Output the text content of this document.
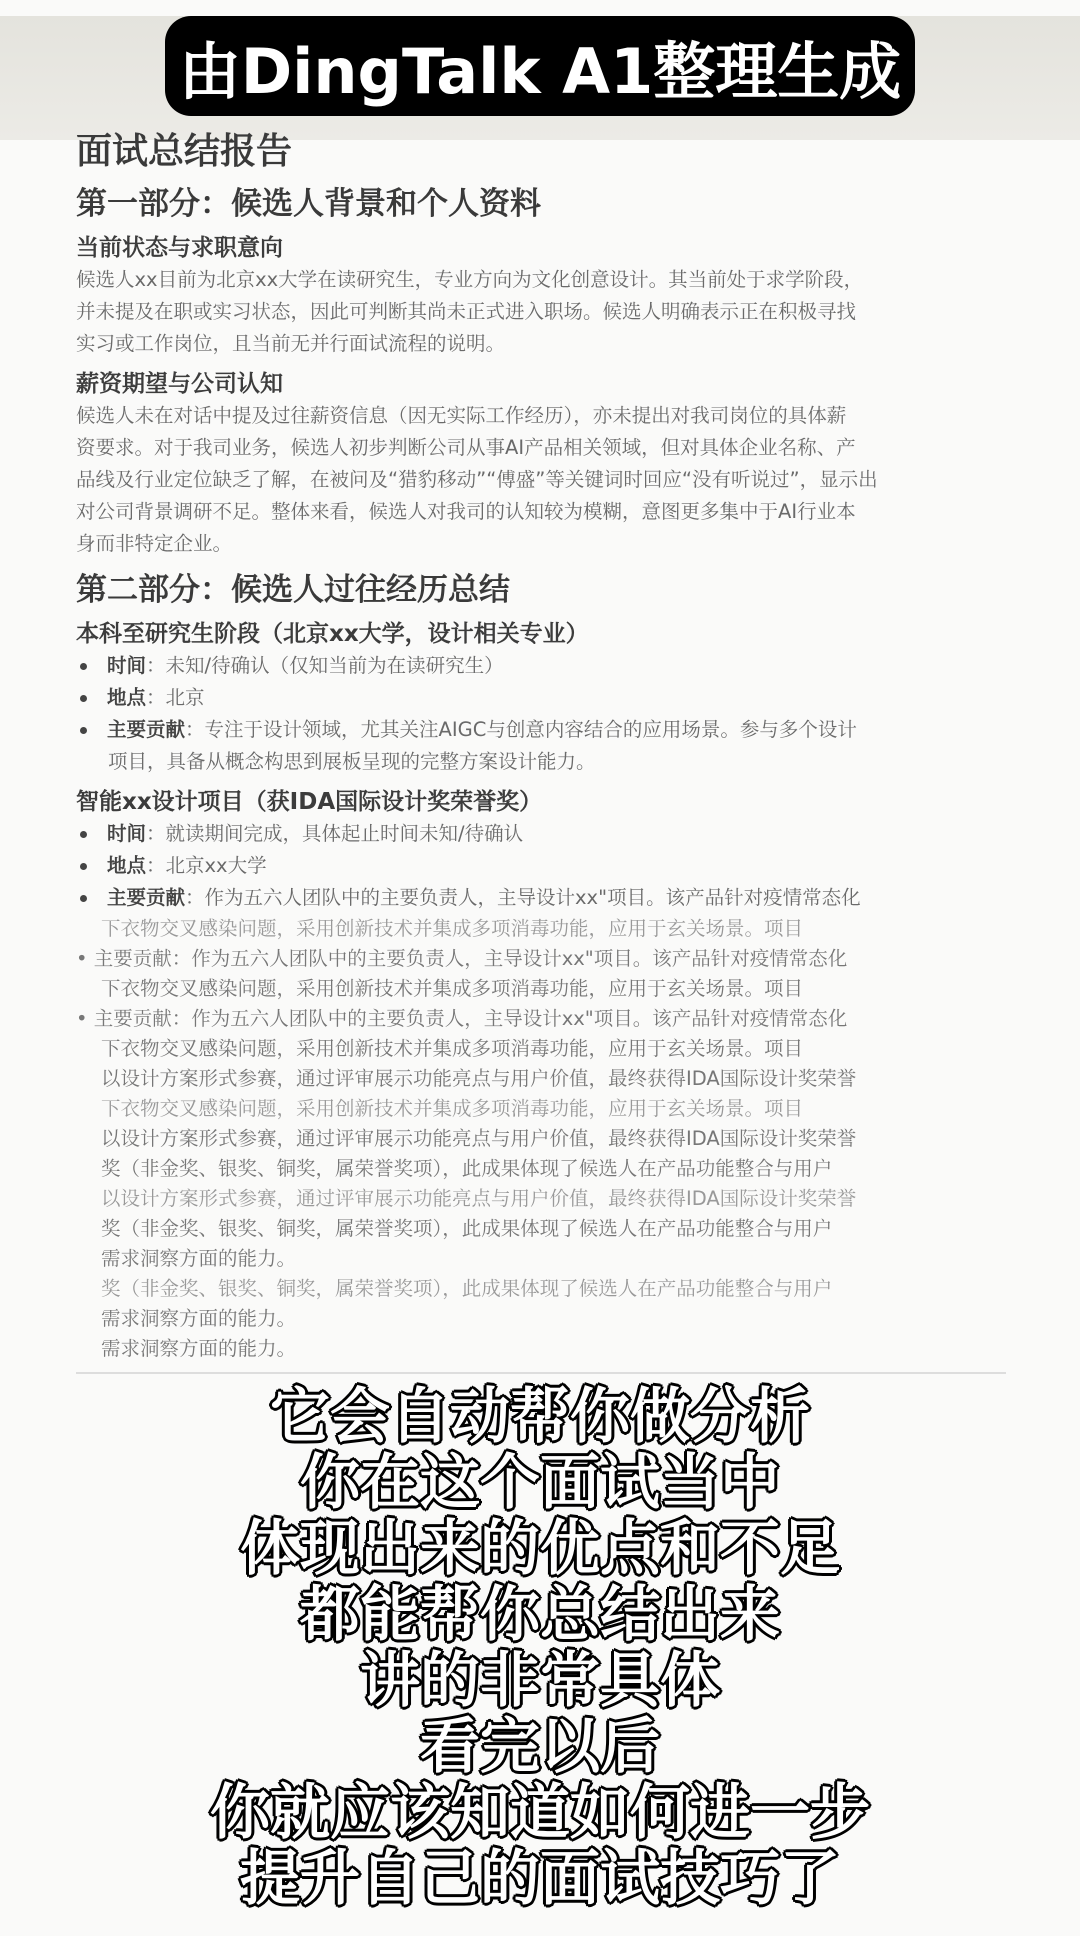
由DingTalk A1整理生成
面试总结报告
第一部分：候选人背景和个人资料
当前状态与求职意向
候选人xx目前为北京xx大学在读研究生，专业方向为文化创意设计。其当前处于求学阶段，
并未提及在职或实习状态，因此可判断其尚未正式进入职场。候选人明确表示正在积极寻找
实习或工作岗位，且当前无并行面试流程的说明。
薪资期望与公司认知
候选人未在对话中提及过往薪资信息（因无实际工作经历），亦未提出对我司岗位的具体薪
资要求。对于我司业务，候选人初步判断公司从事AI产品相关领域，但对具体企业名称、产
品线及行业定位缺乏了解，在被问及“猎豹移动”“傅盛”等关键词时回应“没有听说过”，显示出
对公司背景调研不足。整体来看，候选人对我司的认知较为模糊，意图更多集中于AI行业本
身而非特定企业。
第二部分：候选人过往经历总结
本科至研究生阶段（北京xx大学，设计相关专业）
时间：未知/待确认（仅知当前为在读研究生）
地点：北京
主要贡献：专注于设计领域，尤其关注AIGC与创意内容结合的应用场景。参与多个设计
项目，具备从概念构思到展板呈现的完整方案设计能力。
智能xx设计项目（获IDA国际设计奖荣誉奖）
时间：就读期间完成，具体起止时间未知/待确认
地点：北京xx大学
主要贡献：作为五六人团队中的主要负责人，主导设计xx"项目。该产品针对疫情常态化
下衣物交叉感染问题，采用创新技术并集成多项消毒功能，应用于玄关场景。项目
• 主要贡献：作为五六人团队中的主要负责人，主导设计xx"项目。该产品针对疫情常态化
下衣物交叉感染问题，采用创新技术并集成多项消毒功能，应用于玄关场景。项目
• 主要贡献：作为五六人团队中的主要负责人，主导设计xx"项目。该产品针对疫情常态化
下衣物交叉感染问题，采用创新技术并集成多项消毒功能，应用于玄关场景。项目
以设计方案形式参赛，通过评审展示功能亮点与用户价值，最终获得IDA国际设计奖荣誉
下衣物交叉感染问题，采用创新技术并集成多项消毒功能，应用于玄关场景。项目
以设计方案形式参赛，通过评审展示功能亮点与用户价值，最终获得IDA国际设计奖荣誉
奖（非金奖、银奖、铜奖，属荣誉奖项），此成果体现了候选人在产品功能整合与用户
以设计方案形式参赛，通过评审展示功能亮点与用户价值，最终获得IDA国际设计奖荣誉
奖（非金奖、银奖、铜奖，属荣誉奖项），此成果体现了候选人在产品功能整合与用户
需求洞察方面的能力。
奖（非金奖、银奖、铜奖，属荣誉奖项），此成果体现了候选人在产品功能整合与用户
需求洞察方面的能力。
需求洞察方面的能力。
它会自动帮你做分析
你在这个面试当中
体现出来的优点和不足
都能帮你总结出来
讲的非常具体
看完以后
你就应该知道如何进一步
提升自己的面试技巧了
